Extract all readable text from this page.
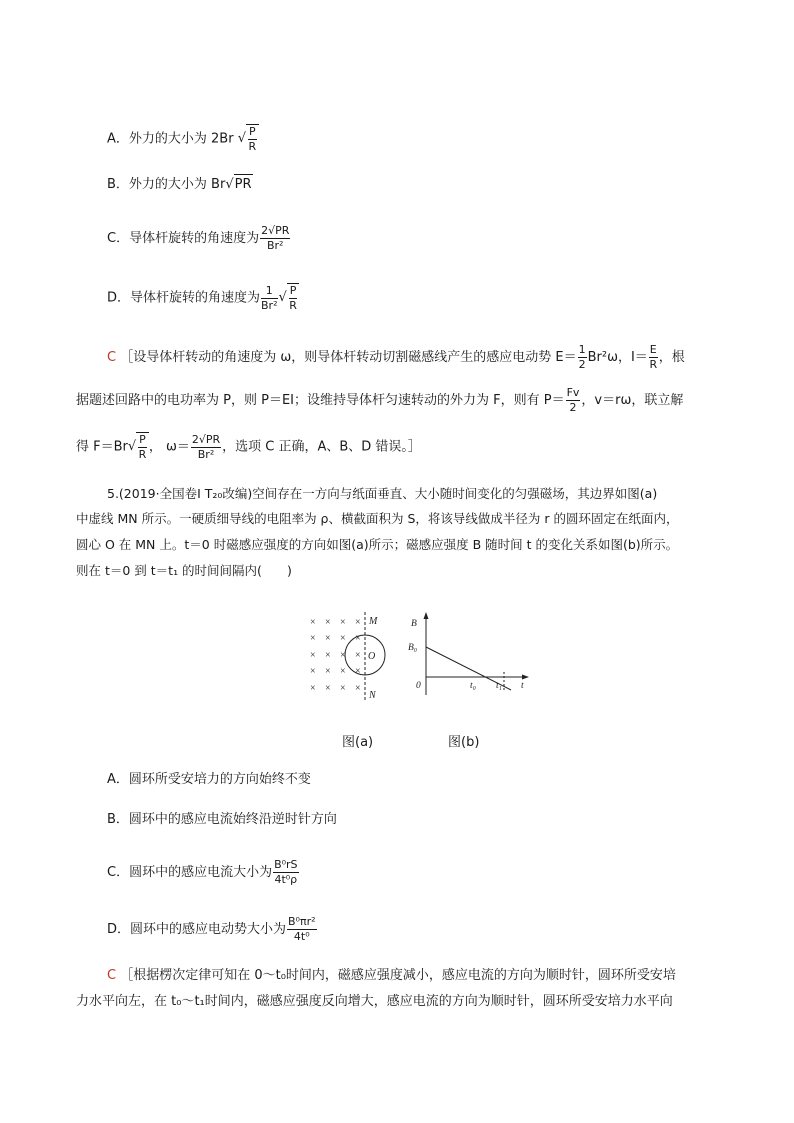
A．外力的大小为 2Br √ $\frac{P}{R}$
B．外力的大小为 Br√ PR
C．导体杆旋转的角速度为 $\frac{2√PR}{\text{Br²}}$
D．导体杆旋转的角速度为 $\frac{1}{\text{Br²}}$ √ $\frac{P}{R}$
C ［设导体杆转动的角速度为 ω，则导体杆转动切割磁感线产生的感应电动势 $E= \frac{1}{2} Br^2\omega$，$I= \frac{E}{R}$ ，根
据题述回路中的电功率为 P，则 P＝EI；设维持导体杆匀速转动的外力为 F，则有 $P= \frac{Fv}{2}$ ，v＝rω，联立解
得 $F=Br√ \frac{P}{R}$ ， $\omega= \frac{2√PR}{\text{Br²}}$ ，选项 C 正确，A、B、D 错误。］
5.(2019·全国卷Ⅰ T₂₀改编)空间存在一方向与纸面垂直、大小随时间变化的匀强磁场，其边界如图(a)
中虚线 MN 所示。一硬质细导线的电阻率为 ρ、横截面积为 S，将该导线做成半径为 r 的圆环固定在纸面内，
圆心 O 在 MN 上。t＝0 时磁感应强度的方向如图(a)所示；磁感应强度 B 随时间 t 的变化关系如图(b)所示。
则在 t＝0 到 t＝t₁ 的时间间隔内(　　)
× × × ×
× × × ×
× × × ×
× × × ×
× × × ×
M
O
N
B
B₀
0	t₀ t₁ t
图(a)	图(b)
A．圆环所受安培力的方向始终不变
B．圆环中的感应电流始终沿逆时针方向
C．圆环中的感应电流大小为 $\frac{\text{B⁰rS}}{\text{4t⁰ρ}}$
D．圆环中的感应电动势大小为 $\frac{\text{B⁰πr²}}{\text{4t⁰}}$
C ［根据楞次定律可知在 0～t₀时间内，磁感应强度减小，感应电流的方向为顺时针，圆环所受安培
力水平向左，在 t₀～t₁时间内，磁感应强度反向增大，感应电流的方向为顺时针，圆环所受安培力水平向
